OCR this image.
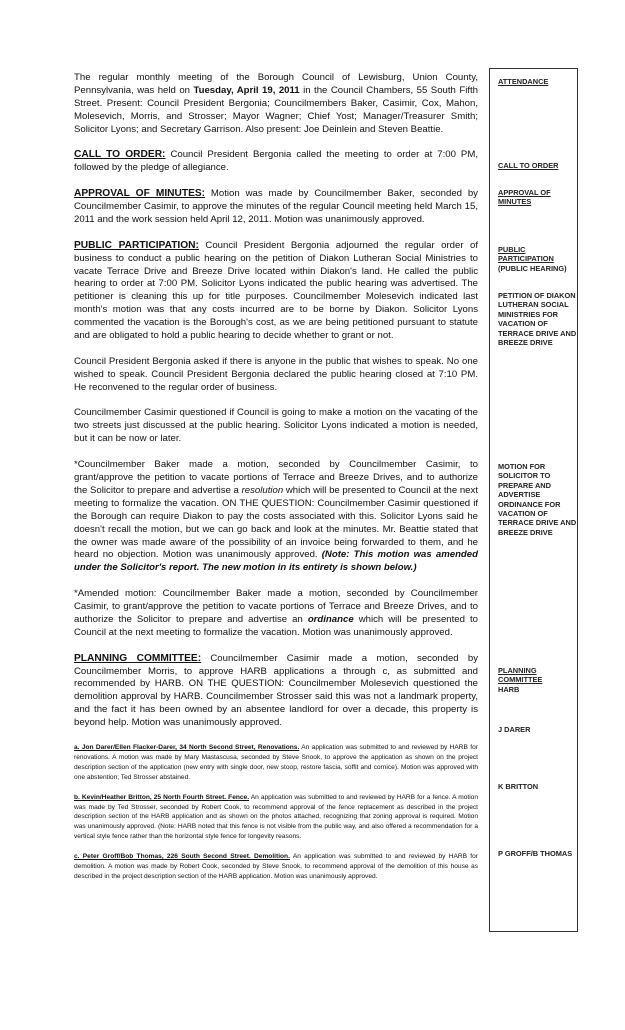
The regular monthly meeting of the Borough Council of Lewisburg, Union County, Pennsylvania, was held on Tuesday, April 19, 2011 in the Council Chambers, 55 South Fifth Street. Present: Council President Bergonia; Councilmembers Baker, Casimir, Cox, Mahon, Molesevich, Morris, and Strosser; Mayor Wagner; Chief Yost; Manager/Treasurer Smith; Solicitor Lyons; and Secretary Garrison. Also present: Joe Deinlein and Steven Beattie.

CALL TO ORDER: Council President Bergonia called the meeting to order at 7:00 PM, followed by the pledge of allegiance.

APPROVAL OF MINUTES: Motion was made by Councilmember Baker, seconded by Councilmember Casimir, to approve the minutes of the regular Council meeting held March 15, 2011 and the work session held April 12, 2011. Motion was unanimously approved.

PUBLIC PARTICIPATION: Council President Bergonia adjourned the regular order of business to conduct a public hearing on the petition of Diakon Lutheran Social Ministries to vacate Terrace Drive and Breeze Drive located within Diakon's land. He called the public hearing to order at 7:00 PM. Solicitor Lyons indicated the public hearing was advertised. The petitioner is cleaning this up for title purposes. Councilmember Molesevich indicated last month's motion was that any costs incurred are to be borne by Diakon. Solicitor Lyons commented the vacation is the Borough's cost, as we are being petitioned pursuant to statute and are obligated to hold a public hearing to decide whether to grant or not.

Council President Bergonia asked if there is anyone in the public that wishes to speak. No one wished to speak. Council President Bergonia declared the public hearing closed at 7:10 PM. He reconvened to the regular order of business.

Councilmember Casimir questioned if Council is going to make a motion on the vacating of the two streets just discussed at the public hearing. Solicitor Lyons indicated a motion is needed, but it can be now or later.

*Councilmember Baker made a motion, seconded by Councilmember Casimir, to grant/approve the petition to vacate portions of Terrace and Breeze Drives, and to authorize the Solicitor to prepare and advertise a resolution which will be presented to Council at the next meeting to formalize the vacation. ON THE QUESTION: Councilmember Casimir questioned if the Borough can require Diakon to pay the costs associated with this. Solicitor Lyons said he doesn't recall the motion, but we can go back and look at the minutes. Mr. Beattie stated that the owner was made aware of the possibility of an invoice being forwarded to them, and he heard no objection. Motion was unanimously approved. (Note: This motion was amended under the Solicitor's report. The new motion in its entirety is shown below.)

*Amended motion: Councilmember Baker made a motion, seconded by Councilmember Casimir, to grant/approve the petition to vacate portions of Terrace and Breeze Drives, and to authorize the Solicitor to prepare and advertise an ordinance which will be presented to Council at the next meeting to formalize the vacation. Motion was unanimously approved.

PLANNING COMMITTEE: Councilmember Casimir made a motion, seconded by Councilmember Morris, to approve HARB applications a through c, as submitted and recommended by HARB. ON THE QUESTION: Councilmember Molesevich questioned the demolition approval by HARB. Councilmember Strosser said this was not a landmark property, and the fact it has been owned by an absentee landlord for over a decade, this property is beyond help. Motion was unanimously approved.

a. Jon Darer/Ellen Flacker-Darer, 34 North Second Street, Renovations. An application was submitted to and reviewed by HARB for renovations. A motion was made by Mary Mastascusa, seconded by Steve Snook, to approve the application as shown on the project description section of the application (new entry with single door, new stoop, restore fascia, soffit and cornice). Motion was approved with one abstention; Ted Strosser abstained.

b. Kevin/Heather Britton, 25 North Fourth Street. Fence. An application was submitted to and reviewed by HARB for a fence. A motion was made by Ted Strosser, seconded by Robert Cook, to recommend approval of the fence replacement as described in the project description section of the HARB application and as shown on the photos attached, recognizing that zoning approval is required. Motion was unanimously approved. (Note: HARB noted that this fence is not visible from the public way, and also offered a recommendation for a vertical style fence rather than the horizontal style fence for longevity reasons.

c. Peter Groff/Bob Thomas, 226 South Second Street. Demolition. An application was submitted to and reviewed by HARB for demolition. A motion was made by Robert Cook, seconded by Steve Snook, to recommend approval of the demolition of this house as described in the project description section of the HARB application. Motion was unanimously approved.

ATTENDANCE
CALL TO ORDER
APPROVAL OF MINUTES
PUBLIC PARTICIPATION
(PUBLIC HEARING)
PETITION OF DIAKON LUTHERAN SOCIAL MINISTRIES FOR VACATION OF TERRACE DRIVE AND BREEZE DRIVE
MOTION FOR SOLICITOR TO PREPARE AND ADVERTISE ORDINANCE FOR VACATION OF TERRACE DRIVE AND BREEZE DRIVE
PLANNING COMMITTEE
HARB
J DARER
K BRITTON
P GROFF/B THOMAS
